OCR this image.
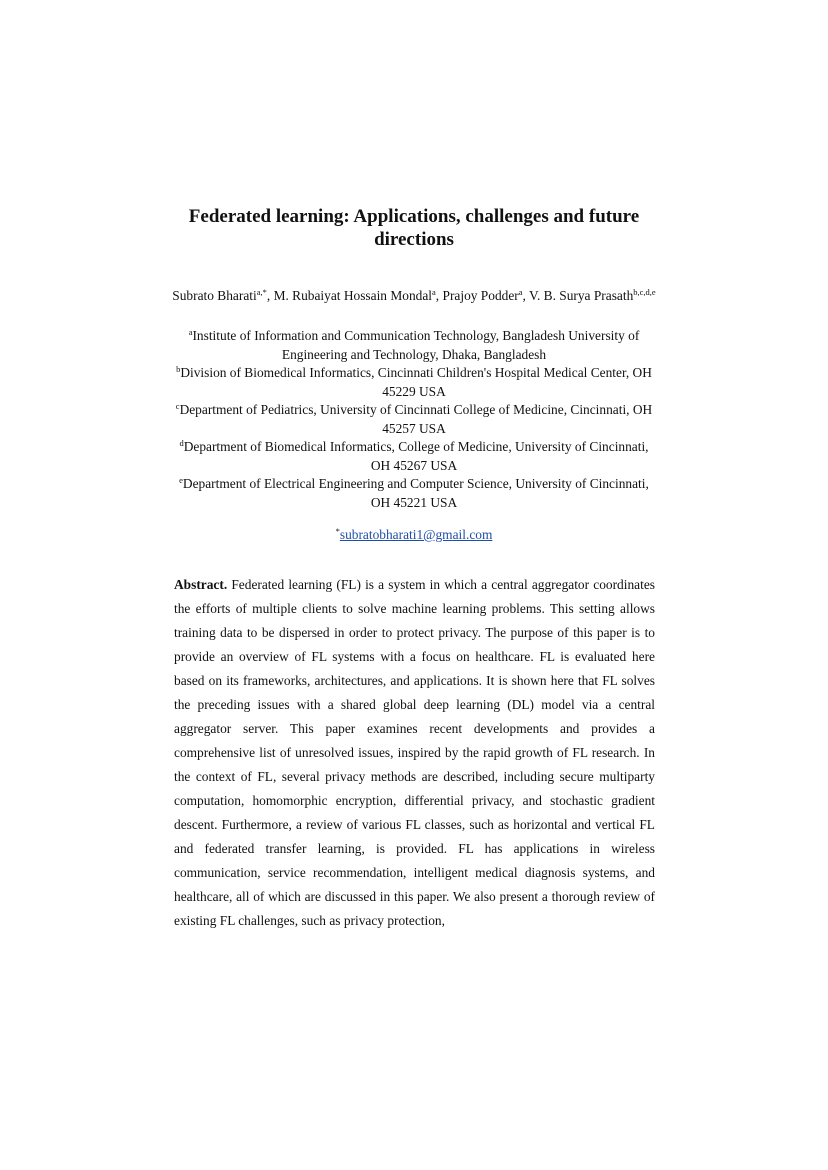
Federated learning: Applications, challenges and future directions
Subrato Bharati$^{a,*}$, M. Rubaiyat Hossain Mondal$^a$, Prajoy Podder$^a$, V. B. Surya Prasath$^{b,c,d,e}$

$^a$Institute of Information and Communication Technology, Bangladesh University of Engineering and Technology, Dhaka, Bangladesh

$^b$Division of Biomedical Informatics, Cincinnati Children's Hospital Medical Center, OH 45229 USA

$^c$Department of Pediatrics, University of Cincinnati College of Medicine, Cincinnati, OH 45257 USA

$^d$Department of Biomedical Informatics, College of Medicine, University of Cincinnati, OH 45267 USA

$^e$Department of Electrical Engineering and Computer Science, University of Cincinnati, OH 45221 USA

*subratobharati1@gmail.com

Abstract. Federated learning (FL) is a system in which a central aggregator coordinates the efforts of multiple clients to solve machine learning problems. This setting allows training data to be dispersed in order to protect privacy. The purpose of this paper is to provide an overview of FL systems with a focus on healthcare. FL is evaluated here based on its frameworks, architectures, and applications. It is shown here that FL solves the preceding issues with a shared global deep learning (DL) model via a central aggregator server. This paper examines recent developments and provides a comprehensive list of unresolved issues, inspired by the rapid growth of FL research. In the context of FL, several privacy methods are described, including secure multiparty computation, homomorphic encryption, differential privacy, and stochastic gradient descent. Furthermore, a review of various FL classes, such as horizontal and vertical FL and federated transfer learning, is provided. FL has applications in wireless communication, service recommendation, intelligent medical diagnosis systems, and healthcare, all of which are discussed in this paper. We also present a thorough review of existing FL challenges, such as privacy protection,
